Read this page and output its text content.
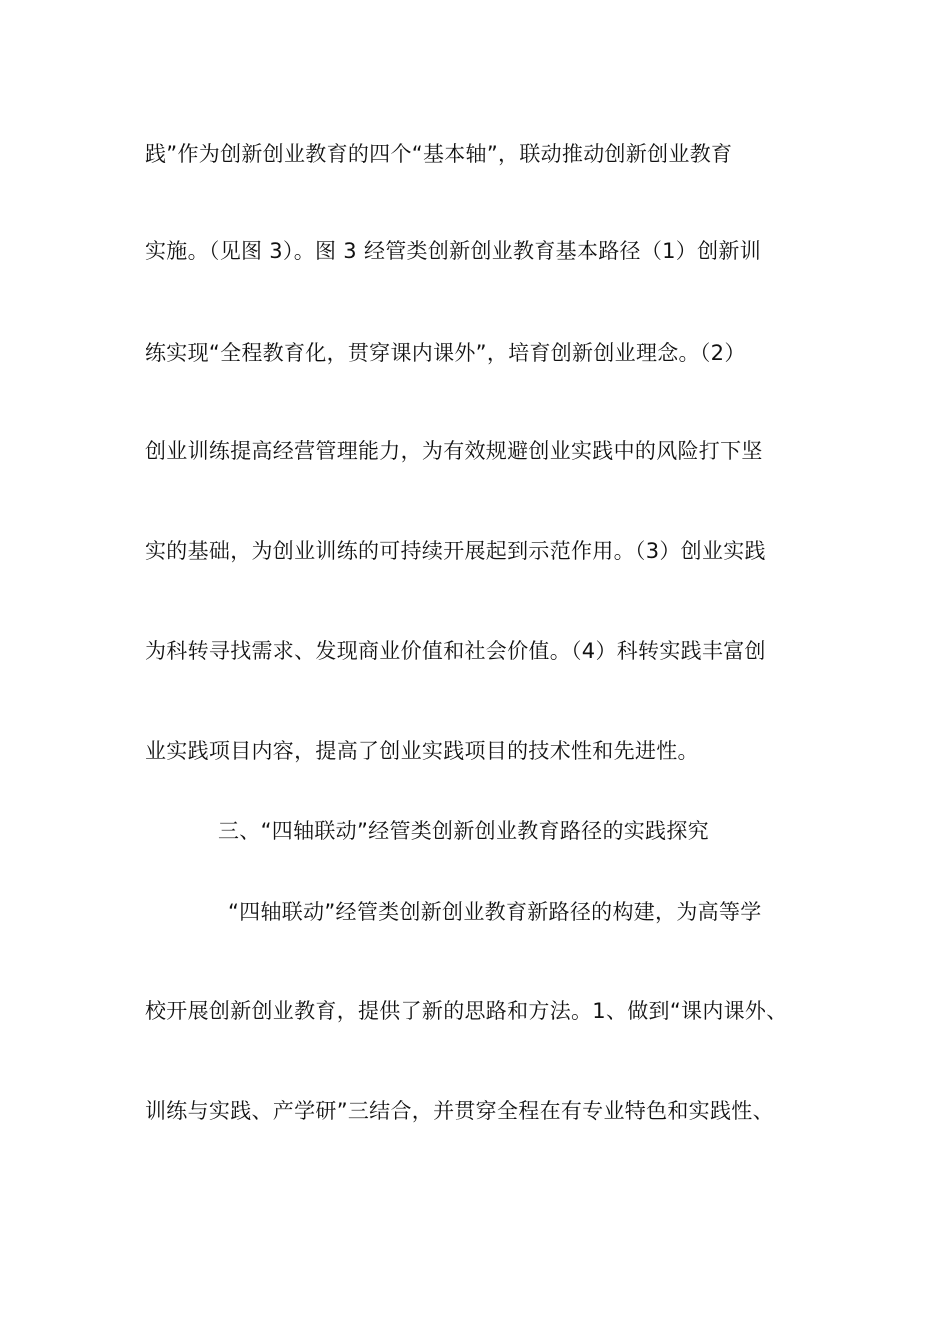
践”作为创新创业教育的四个“基本轴”，联动推动创新创业教育
实施。（见图 3）。图 3 经管类创新创业教育基本路径（1）创新训
练实现“全程教育化，贯穿课内课外”，培育创新创业理念。（2）
创业训练提高经营管理能力，为有效规避创业实践中的风险打下坚
实的基础，为创业训练的可持续开展起到示范作用。（3）创业实践
为科转寻找需求、发现商业价值和社会价值。（4）科转实践丰富创
业实践项目内容，提高了创业实践项目的技术性和先进性。
三、“四轴联动”经管类创新创业教育路径的实践探究
“四轴联动”经管类创新创业教育新路径的构建，为高等学
校开展创新创业教育，提供了新的思路和方法。1、做到“课内课外、
训练与实践、产学研”三结合，并贯穿全程在有专业特色和实践性、
